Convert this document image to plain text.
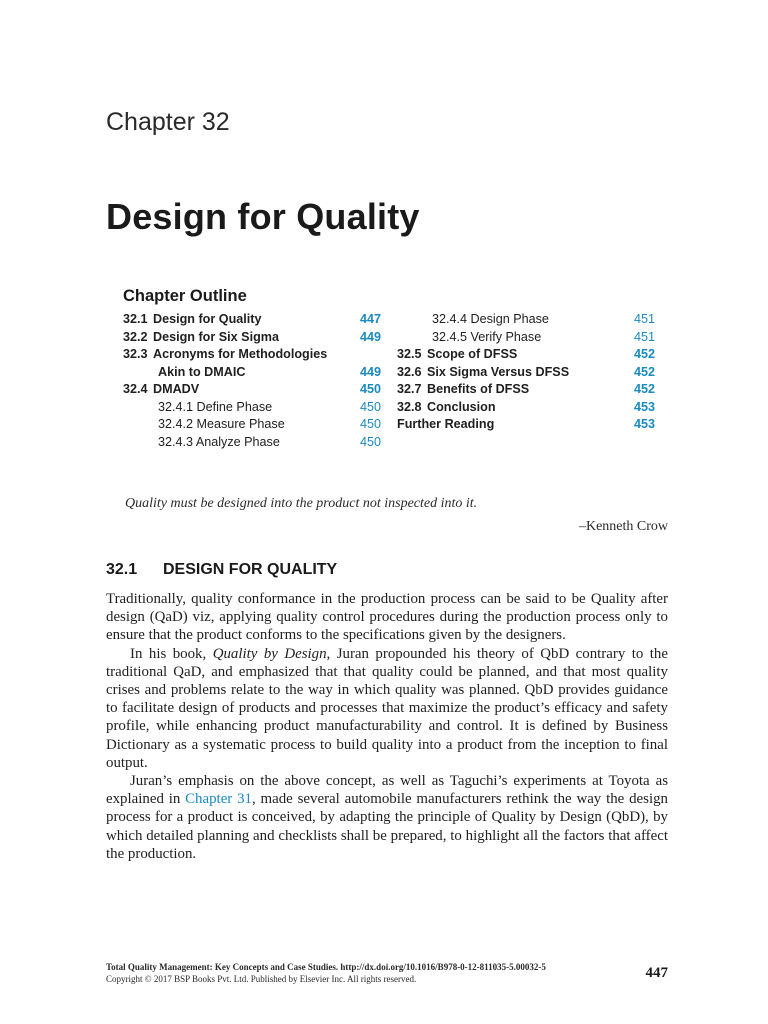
Chapter 32
Design for Quality
Chapter Outline
32.1 Design for Quality	447
32.2 Design for Six Sigma	449
32.3 Acronyms for Methodologies
Akin to DMAIC	449
32.4 DMADV	450
32.4.1 Define Phase	450
32.4.2 Measure Phase	450
32.4.3 Analyze Phase	450
32.4.4 Design Phase	451
32.4.5 Verify Phase	451
32.5 Scope of DFSS	452
32.6 Six Sigma Versus DFSS	452
32.7 Benefits of DFSS	452
32.8 Conclusion	453
Further Reading	453
Quality must be designed into the product not inspected into it.
–Kenneth Crow
32.1 DESIGN FOR QUALITY

Traditionally, quality conformance in the production process can be said to be Quality after design (QaD) viz, applying quality control procedures during the production process only to ensure that the product conforms to the specifications given by the designers.

In his book, Quality by Design, Juran propounded his theory of QbD contrary to the traditional QaD, and emphasized that that quality could be planned, and that most quality crises and problems relate to the way in which quality was planned. QbD provides guidance to facilitate design of products and processes that maximize the product’s efficacy and safety profile, while enhancing product manufacturability and control. It is defined by Business Dictionary as a systematic process to build quality into a product from the inception to final output.

Juran’s emphasis on the above concept, as well as Taguchi’s experiments at Toyota as explained in Chapter 31, made several automobile manufacturers rethink the way the design process for a product is conceived, by adapting the principle of Quality by Design (QbD), by which detailed planning and checklists shall be prepared, to highlight all the factors that affect the production.

Total Quality Management: Key Concepts and Case Studies. http://dx.doi.org/10.1016/B978-0-12-811035-5.00032-5
Copyright © 2017 BSP Books Pvt. Ltd. Published by Elsevier Inc. All rights reserved.	447
